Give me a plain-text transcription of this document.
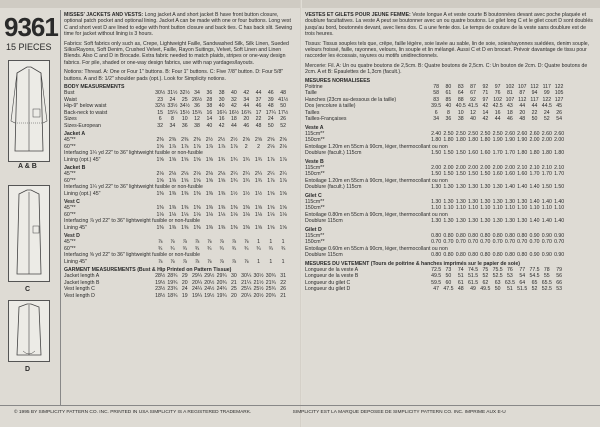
9361
15 PIECES
A & B
C
D
MISSES' JACKETS AND VESTS: Long jacket A and short jacket B have front button closure, optional patch pocket and optional lining. Jacket A can be made with one or four buttons. Long vest C and short vest D are lined to edge with front button closure and back ties. C has back slit. Sewing time for jacket without lining is 3 hours.
Fabrics: Soft fabrics only such as, Crepe, Lightweight Faille, Sandwashed Silk, Silk Linen, Sueded Silks/Rayons, Soft Denim, Crushed Velvet, Faille, Rayon Suitings, Velvet, Soft Linen and Linen Blends. Also C and D in Brocade. Extra fabric needed to match plaids, stripes or one-way design fabrics. For pile, shaded or one-way design fabrics, use with nap yardages/layouts.
Notions: Thread. A: One or Four 1" buttons. B: Four 1" buttons. C: Five 7/8" button. D: Four 5/8" buttons. A and B: 1/2" shoulder pads (opt.). Look for Simplicity notions.
BODY MEASUREMENTS
Bust	30½ 31½ 32½ 34	36	38	40	42	44	46	48
Waist	23	24	25 26½ 28	30	32	34	37	39 41½
Hip-9" below waist	32½ 33½ 34½ 36	38	40	42	44	46	48	50
Back-neck to waist	15 15¼ 15½ 15¾ 16 16¼ 16½ 16¾ 17 17¼ 17½
Sizes	6	8	10	12	14	16	18	20	22	24	26
Sizes-European	32	34	36	38	40	42	44	46	48	50	52
Jacket A
45"**	2⅜ 2⅜ 2⅜ 2⅜ 2½ 2½ 2½ 2⅝ 2⅝ 2⅝ 2⅝
60"**	1⅝ 1⅞ 1⅞ 1⅞ 1⅞ 1⅞ 1⅞	2	2	2⅛ 2⅛
Interfacing 1¼ yd 22" to 36" lightweight fusible or non-fusible
Lining (opt.) 45"	1⅝ 1⅝ 1⅝ 1⅝ 1⅝ 1¾ 1¾ 1¾ 1¾ 1⅞ 1⅞
Jacket B
45"**	2⅛ 2⅛ 2⅛ 2⅛ 2⅛ 2⅛ 2¼ 2¼ 2¼ 2¼ 2¼
60"**	1⅝ 1⅝ 1⅝ 1⅝ 1⅝ 1⅝ 1¾ 1¾ 1¾ 1⅞ 1⅞
Interfacing 1¼ yd 22" to 36" lightweight fusible or non-fusible
Lining (opt.) 45"	1⅜ 1⅜ 1⅜ 1⅜ 1⅜ 1⅜ 1½ 1½ 1½ 1⅝ 1⅝
Vest C
45"**	1⅜ 1⅜ 1⅜ 1⅜ 1⅜ 1⅜ 1⅜ 1⅜ 1⅝ 1⅝ 1⅝
60"**	1⅛ 1⅛ 1⅛ 1⅛ 1⅛ 1⅛ 1⅛ 1⅛ 1⅛ 1⅛ 1⅛
Interfacing ⅞ yd 22" to 36" lightweight fusible or non-fusible
Lining 45"	1⅜ 1⅜ 1⅜ 1⅜ 1⅜ 1⅜ 1⅜ 1⅜ 1⅝ 1⅝ 1⅝
Vest D
45"**	⅞	⅞	⅞	⅞	⅞	⅞	⅞	⅞	1	1	1
60"**	¾	¾	¾	¾	¾	¾	¾	¾	¾	¾	¾
Interfacing ⅝ yd 22" to 36" lightweight fusible or non-fusible
Lining 45"	⅞	⅞	⅞	⅞	⅞	⅞	⅞	⅞	1	1	1
GARMENT MEASUREMENTS (Bust & Hip Printed on Pattern Tissue)
Jacket length A	28½ 28¾ 29 29¼ 29½ 29¾ 30 30¼ 30½ 30¾ 31
Jacket length B	19½ 19¾ 20 20¼ 20½ 20¾ 21 21¼ 21½ 21¾ 22
Vest length C	23½ 23¾ 24 24¼ 24½ 24¾ 25 25¼ 25½ 25¾ 26
Vest length D	18½ 18¾ 19 19¼ 19½ 19¾ 20 20¼ 20½ 20¾ 21
VESTES ET GILETS POUR JEUNE FEMME: Veste longue A et veste courte B boutonnées devant avec poche plaquée et doublure facultatives. La veste A peut se boutonner avec un ou quatre boutons. Le gilet long C et le gilet court D sont doublés jusqu'au bord, boutonnés devant, avec liens dos. C a une fente dos. Le temps de couture de la veste sans doublure est de trois heures.
Tissus: Tissus souples tels que, crêpe, faille légère, soie lavée au sable, lin de soie, soies/rayonnes suédées, denim souple, velours froissé, faille, rayonnes, velours, lin souple et lin mélangé. Aussi C et D en brocart. Prévoir davantage de tissu pour raccorder les écossais, rayures ou motifs unidirectionnels.
Mercerie: Fil. A: Un ou quatre boutons de 2,5cm. B: Quatre boutons de 2,5cm. C: Un bouton de 2cm. D: Quatre boutons de 2cm. A et B: Épaulettes de 1,3cm (facult.).
MESURES NORMALISEES
Poitrine	78	80	83	87	92	97 102 107 112 117 122
Taille	58	61	64	67	71	76	81	87	94	99 105
Hanches (23cm au-dessous de la taille)	83	85	88	92	97 102 107 112 117 122 127
Dos (encolure à taille)	39.5 40 40.5 41.5 42 42.5 43	44	44 44.5 45
Tailles	6	8	10	12	14	16	18	20	22	24	26
Tailles-Françaises	34	36	38	40	42	44	46	48	50	52	54
Veste A
115cm**	2.40 2.50 2.50 2.50 2.50 2.50 2.60 2.60 2.60 2.60 2.60
150cm**	1.80 1.80 1.80 1.80 1.80 1.90 1.90 1.90 2.00 2.00 2.00
Entoilage 1.20m en 55cm à 90cm, léger, thermocollant ou non
Doublure (facult.) 115cm	1.50 1.50 1.50 1.60 1.60 1.70 1.70 1.80 1.80 1.80 1.80
Veste B
115cm**	2.00 2.00 2.00 2.00 2.00 2.00 2.00 2.10 2.10 2.10 2.10
150cm**	1.50 1.50 1.50 1.50 1.50 1.60 1.60 1.60 1.70 1.70 1.70
Entoilage 1.20m en 55cm à 90cm, léger, thermocollant ou non
Doublure (facult.) 115cm	1.30 1.30 1.30 1.30 1.30 1.30 1.40 1.40 1.40 1.50 1.50
Gilet C
115cm**	1.30 1.30 1.30 1.30 1.30 1.30 1.30 1.30 1.40 1.40 1.40
150cm**	1.10 1.10 1.10 1.10 1.10 1.10 1.10 1.10 1.10 1.10 1.10
Entoilage 0.80m en 55cm à 90cm, léger, thermocollant ou non
Doublure 115cm	1.30 1.30 1.30 1.30 1.30 1.30 1.30 1.30 1.40 1.40 1.40
Gilet D
115cm**	0.80 0.80 0.80 0.80 0.80 0.80 0.80 0.80 0.90 0.90 0.90
150cm**	0.70 0.70 0.70 0.70 0.70 0.70 0.70 0.70 0.70 0.70 0.70
Entoilage 0.60m en 55cm à 90cm, léger, thermocollant ou non
Doublure 115cm	0.80 0.80 0.80 0.80 0.80 0.80 0.80 0.80 0.90 0.90 0.90
MESURES DU VETEMENT (Tours de poitrine & hanches imprimés sur le papier de soie)
Longueur de la veste A	72.5 73	74 74.5 75 75.5 76	77 77.5 78	79
Longueur de la veste B	49.5 50	51 51.5 52 52.5 53	54 54.5 55	56
Longueur du gilet C	59.5 60	61 61.5 62	63 63.5 64	65 65.5 66
Longueur du gilet D	47 47.5 48	49 49.5 50	51 51.5 52 52.5 53
© 1995 BY SIMPLICITY PATTERN CO. INC. PRINTED IN USA SIMPLICITY IS A REGISTERED TRADEMARK.	SIMPLICITY EST LA MARQUE DEPOSEE DE SIMPLICITY PATTERN CO. INC. IMPRIME AUX E-U
